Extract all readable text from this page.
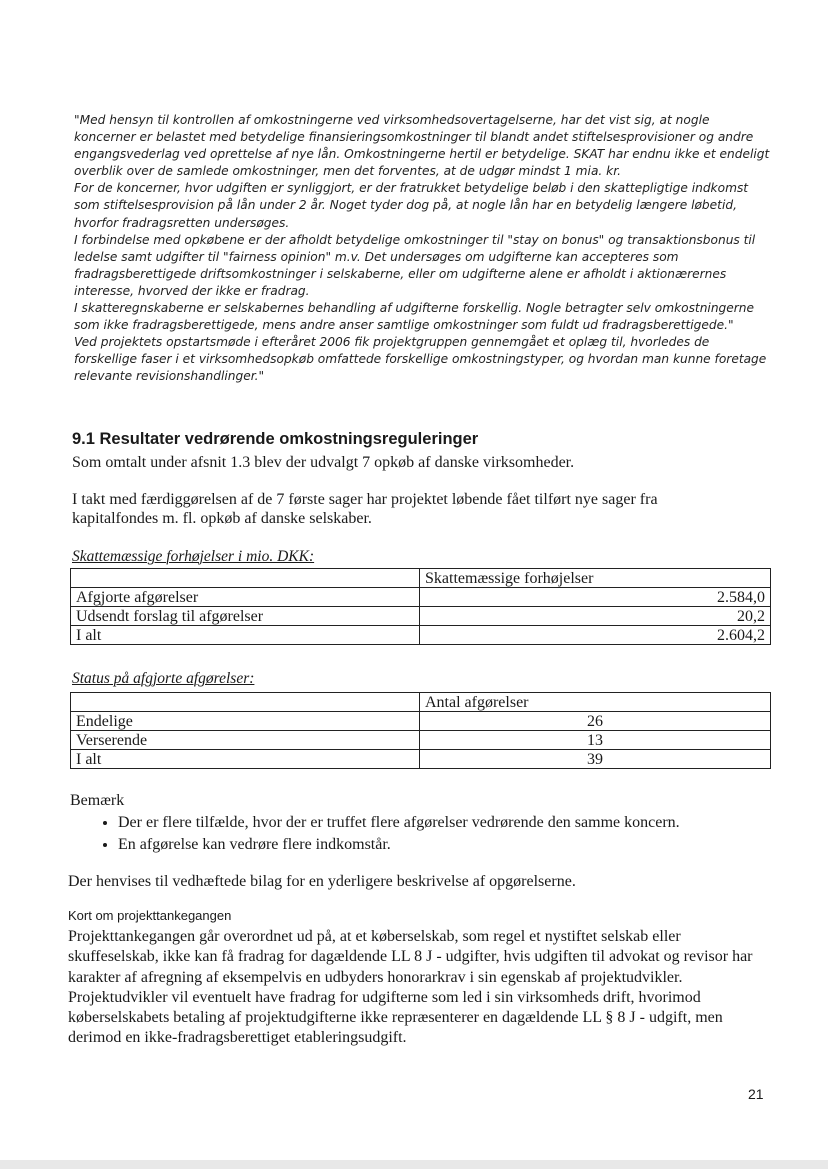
"Med hensyn til kontrollen af omkostningerne ved virksomhedsovertagelserne, har det vist sig, at nogle koncerner er belastet med betydelige finansieringsomkostninger til blandt andet stiftelsesprovisioner og andre engangsvederlag ved oprettelse af nye lån. Omkostningerne hertil er betydelige. SKAT har endnu ikke et endeligt overblik over de samlede omkostninger, men det forventes, at de udgør mindst 1 mia. kr.

For de koncerner, hvor udgiften er synliggjort, er der fratrukket betydelige beløb i den skattepligtige indkomst som stiftelsesprovision på lån under 2 år. Noget tyder dog på, at nogle lån har en betydelig længere løbetid, hvorfor fradragsretten undersøges.

I forbindelse med opkøbene er der afholdt betydelige omkostninger til "stay on bonus" og transaktionsbonus til ledelse samt udgifter til "fairness opinion" m.v. Det undersøges om udgifterne kan accepteres som fradragsberettigede driftsomkostninger i selskaberne, eller om udgifterne alene er afholdt i aktionærernes interesse, hvorved der ikke er fradrag.

I skatteregnskaberne er selskabernes behandling af udgifterne forskellig. Nogle betragter selv omkostningerne som ikke fradragsberettigede, mens andre anser samtlige omkostninger som fuldt ud fradragsberettigede."

Ved projektets opstartsmøde i efteråret 2006 fik projektgruppen gennemgået et oplæg til, hvorledes de forskellige faser i et virksomhedsopkøb omfattede forskellige omkostningstyper, og hvordan man kunne foretage relevante revisionshandlinger."

9.1 Resultater vedrørende omkostningsreguleringer
Som omtalt under afsnit 1.3 blev der udvalgt 7 opkøb af danske virksomheder.
I takt med færdiggørelsen af de 7 første sager har projektet løbende fået tilført nye sager fra kapitalfondes m. fl. opkøb af danske selskaber.
Skattemæssige forhøjelser i mio. DKK:
	Skattemæssige forhøjelser
Afgjorte afgørelser	2.584,0
Udsendt forslag til afgørelser	20,2
I alt	2.604,2
Status på afgjorte afgørelser:
	Antal afgørelser
Endelige	26
Verserende	13
I alt	39
Bemærk
• Der er flere tilfælde, hvor der er truffet flere afgørelser vedrørende den samme koncern.
• En afgørelse kan vedrøre flere indkomstår.
Der henvises til vedhæftede bilag for en yderligere beskrivelse af opgørelserne.
Kort om projekttankegangen
Projekttankegangen går overordnet ud på, at et køberselskab, som regel et nystiftet selskab eller skuffeselskab, ikke kan få fradrag for dagældende LL 8 J - udgifter, hvis udgiften til advokat og revisor har karakter af afregning af eksempelvis en udbyders honorarkrav i sin egenskab af projektudvikler. Projektudvikler vil eventuelt have fradrag for udgifterne som led i sin virksomheds drift, hvorimod køberselskabets betaling af projektudgifterne ikke repræsenterer en dagældende LL § 8 J - udgift, men derimod en ikke-fradragsberettiget etableringsudgift.
21
